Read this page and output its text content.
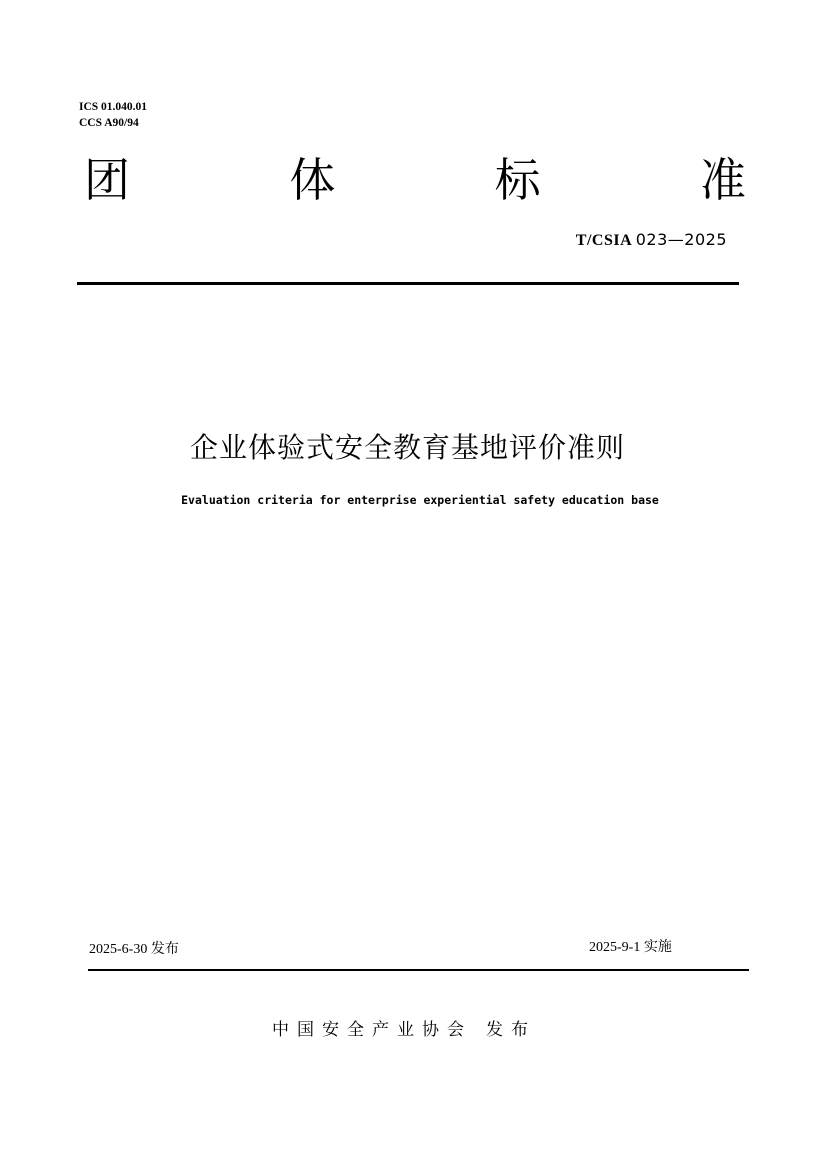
ICS 01.040.01
CCS A90/94
团	体	标	准
T/CSIA 023—2025
企业体验式安全教育基地评价准则
Evaluation criteria for enterprise experiential safety education base
2025-6-30 发布	2025-9-1 实施
中国安全产业协会 发布
